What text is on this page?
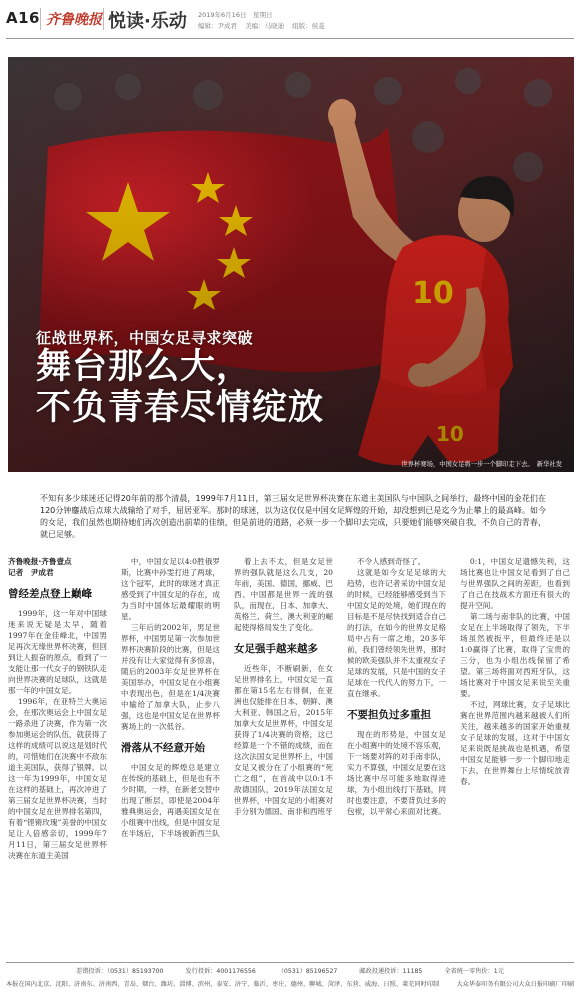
A16 齐鲁晚报 悦读·乐动 2019年6月16日　星期日
编辑：尹成君 美编：马晓迪 组版：侯菱
征战世界杯，中国女足寻求突破
舞台那么大，
不负青春尽情绽放
世界杯赛场，中国女足将一步一个脚印走下去。　新华社发
不知有多少球迷还记得20年前的那个清晨，1999年7月11日，第三届女足世界杯决赛在东道主美国队与中国队之间举行，最终中国的金花们在120分钟鏖战后点球大战输给了对手，屈居亚军。那时的球迷，以为这仅仅是中国女足辉煌的开始，却没想到已是迄今为止攀上的最高峰。如今的女足，我们虽然也期待她们再次创造出前辈的佳绩，但是前进的道路，必须一步一个脚印去完成，只要她们能够突破自我，不负自己的青春，就已足够。
齐鲁晚报·齐鲁壹点
记者　尹成君
曾经差点登上巅峰

1999年，这一年对中国球迷来说无疑是太早，随着1997年在金佳峰北，中国男足再次无缘世界杯决赛，但回到让人振奋的原点，看到了一支能让那一代女子的钢铁队走向世界决赛的足球队，这就是那一年的中国女足。

1996年，在亚特兰大奥运会，在那次奥运会上中国女足一路杀进了决赛，作为第一次参加奥运会的队伍，就获得了这样的成绩可以说这是划时代的，可惜她们在决赛中不敌东道主美国队，获得了银牌。以这一年为1999年，中国女足在这样的基础上，再次冲进了第三届女足世界杯决赛，当时的中国女足在世界排名第四，有着“铿锵玫瑰”美誉的中国女足让人倍感亲切，1999年7月11日，第三届女足世界杯决赛在东道主美国

中，中国女足以4:0胜俄罗斯，比赛中孙雯打进了两球，这个冠军，此时的球迷才真正感受到了中国女足的存在，成为当时中国体坛最耀眼的明星。

三年后的2002年，男足世界杯，中国男足第一次参加世界杯决赛阶段的比赛，但是这并没有让大家觉得有多惊喜，随后的2003年女足世界杯在美国举办，中国女足在小组赛中表现出色，但是在1/4决赛中输给了加拿大队，止步八强，这也是中国女足在世界杯赛场上的一次低谷。

滑落从不经意开始

中国女足的辉煌总是建立在传统的基础上，但是也有不少时期，一样，在新老交替中出现了断层，即使是2004年雅典奥运会，再遇美国女足在小组赛中出线，但是中国女足在半场后，下半场被新西兰队

着上去不太，但是女足世界的强队就是这么几支，20年前，美国、德国，挪威、巴西、中国都是世界一流的强队，而现在，日本、加拿大、英格兰、荷兰、澳大利亚的崛起使得格局发生了变化。

女足强手越来越多

近些年，不断刷新，在女足世界排名上，中国女足一直都在第15名左右徘徊，在亚洲也仅能排在日本、朝鲜、澳大利亚、韩国之后，2015年加拿大女足世界杯，中国女足获得了1/4决赛的资格，这已经算是一个不错的成绩，而在这次法国女足世界杯上，中国女足又被分在了小组赛的“死亡之组”，在首战中以0:1不敌德国队，2019年法国女足世界杯，中国女足的小组赛对手分别为德国、南非和西班牙

不令人感到奇怪了。

这就是如今女足足球的大趋势，也许记者采访中国女足的时候，已经能够感受到当下中国女足的处境，她们现在的目标是不是尽快找到适合自己的打法，在如今的世界女足格局中占有一席之地，20多年前，我们曾经领先世界，那时候的欧美强队并不太重视女子足球的发展，只是中国的女子足球在一代代人的努力下，一直在继承。

不要担负过多重担

现在的形势是，中国女足在小组赛中的处境不容乐观，下一场要对阵的对手南非队，实力不算强，中国女足要在这场比赛中尽可能多地取得进球，为小组出线打下基础，同时也要注意，不要背负过多的包袱，以平常心来面对比赛。

0:1，中国女足遗憾失利，这场比赛也让中国女足看到了自己与世界强队之间的差距，也看到了自己在技战术方面还有很大的提升空间。

第二场与南非队的比赛，中国女足在上半场取得了领先，下半场虽然被扳平，但最终还是以1:0赢得了比赛，取得了宝贵的三分，也为小组出线保留了希望。第三场将面对西班牙队，这场比赛对于中国女足来说至关重要。

不过，网球比赛，女子足球比赛在世界范围内越来越被人们所关注，越来越多的国家开始重视女子足球的发展，这对于中国女足来说既是挑战也是机遇，希望中国女足能够一步一个脚印地走下去，在世界舞台上尽情绽放青春。

差错投诉：（0531）85193700	发行投诉：4001176556	（0531）85196527	邮政投递投诉：11185	全省统一零售价：1元
本报在国内北京、沈阳、济南东、济南西、青岛、烟台、潍坊、淄博、滨州、泰安、济宁、临沂、枣庄、德州、聊城、菏泽、东营、威海、日照、莱芜同时印制	大众华泰印务有限公司大众日报印刷厂印刷
